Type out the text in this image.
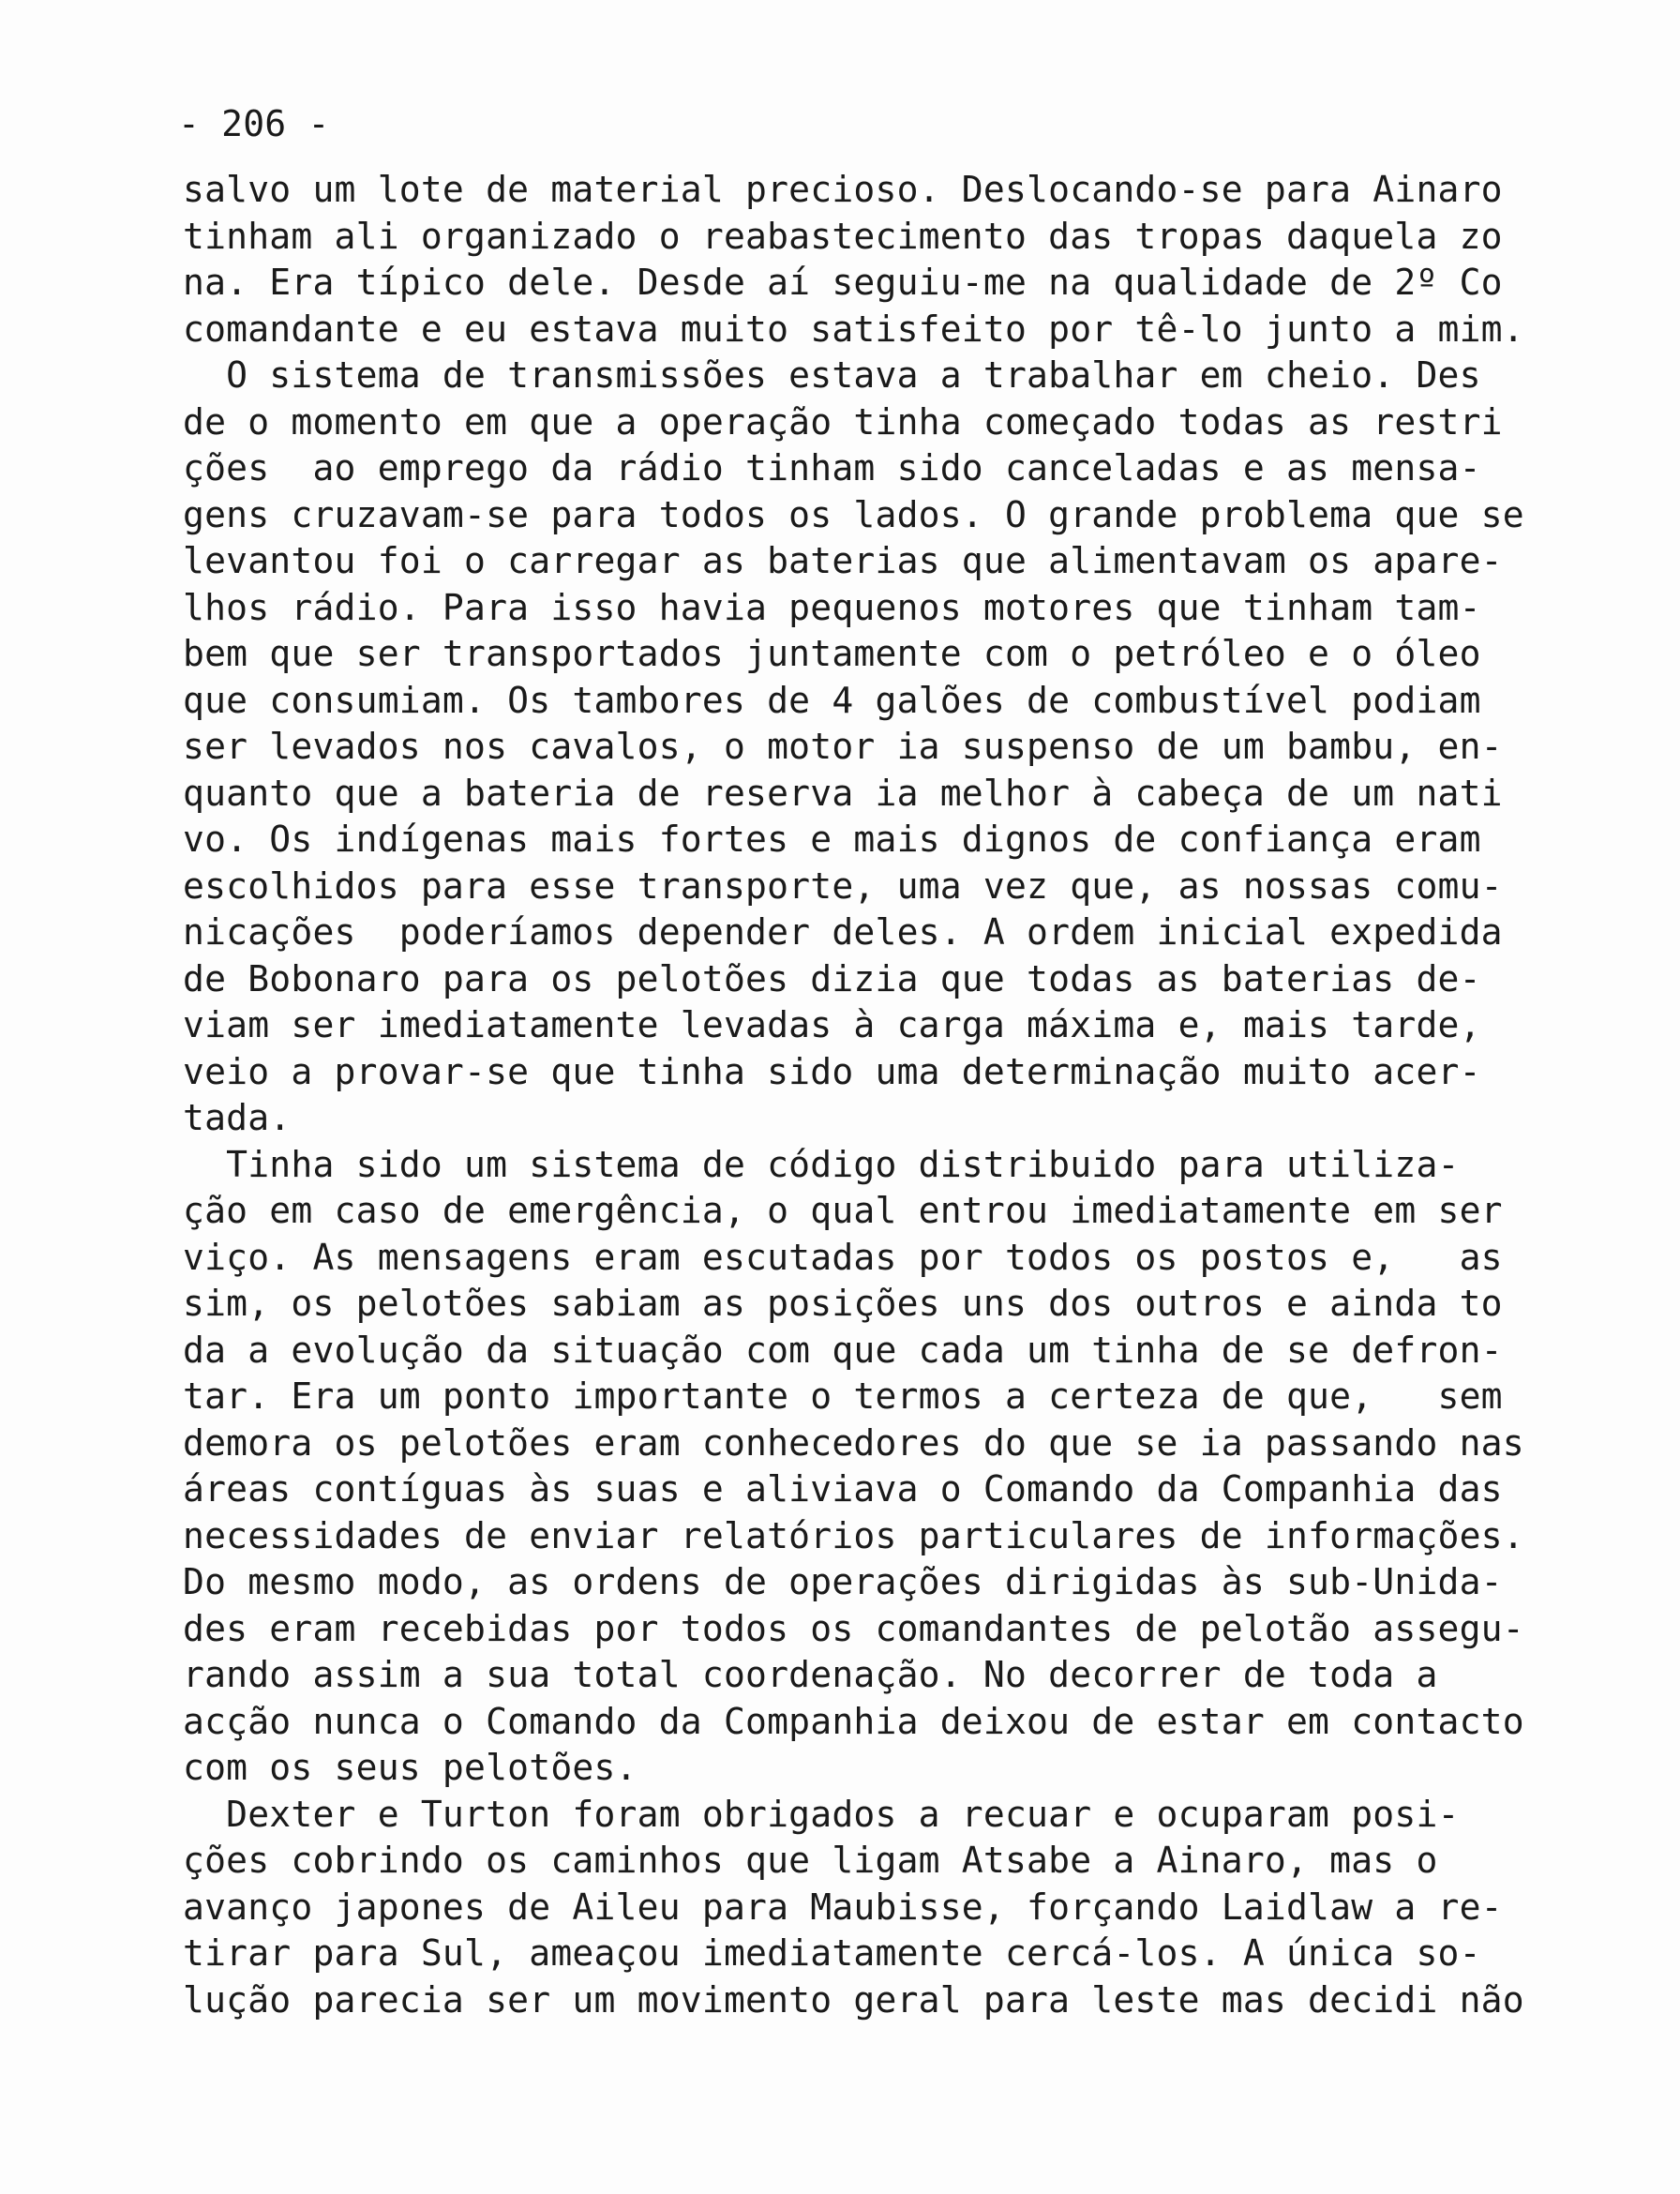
- 206 -
salvo um lote de material precioso. Deslocando-se para Ainaro
tinham ali organizado o reabastecimento das tropas daquela zo
na. Era típico dele. Desde aí seguiu-me na qualidade de 2º Co
comandante e eu estava muito satisfeito por tê-lo junto a mim.
O sistema de transmissões estava a trabalhar em cheio. Des
de o momento em que a operação tinha começado todas as restri
ções  ao emprego da rádio tinham sido canceladas e as mensa-
gens cruzavam-se para todos os lados. O grande problema que se
levantou foi o carregar as baterias que alimentavam os apare-
lhos rádio. Para isso havia pequenos motores que tinham tam-
bem que ser transportados juntamente com o petróleo e o óleo
que consumiam. Os tambores de 4 galões de combustível podiam
ser levados nos cavalos, o motor ia suspenso de um bambu, en-
quanto que a bateria de reserva ia melhor à cabeça de um nati
vo. Os indígenas mais fortes e mais dignos de confiança eram
escolhidos para esse transporte, uma vez que, as nossas comu-
nicações  poderíamos depender deles. A ordem inicial expedida
de Bobonaro para os pelotões dizia que todas as baterias de-
viam ser imediatamente levadas à carga máxima e, mais tarde,
veio a provar-se que tinha sido uma determinação muito acer-
tada.
Tinha sido um sistema de código distribuido para utiliza-
ção em caso de emergência, o qual entrou imediatamente em ser
viço. As mensagens eram escutadas por todos os postos e,   as
sim, os pelotões sabiam as posições uns dos outros e ainda to
da a evolução da situação com que cada um tinha de se defron-
tar. Era um ponto importante o termos a certeza de que,   sem
demora os pelotões eram conhecedores do que se ia passando nas
áreas contíguas às suas e aliviava o Comando da Companhia das
necessidades de enviar relatórios particulares de informações.
Do mesmo modo, as ordens de operações dirigidas às sub-Unida-
des eram recebidas por todos os comandantes de pelotão assegu-
rando assim a sua total coordenação. No decorrer de toda a
acção nunca o Comando da Companhia deixou de estar em contacto
com os seus pelotões.
Dexter e Turton foram obrigados a recuar e ocuparam posi-
ções cobrindo os caminhos que ligam Atsabe a Ainaro, mas o
avanço japones de Aileu para Maubisse, forçando Laidlaw a re-
tirar para Sul, ameaçou imediatamente cercá-los. A única so-
lução parecia ser um movimento geral para leste mas decidi não
